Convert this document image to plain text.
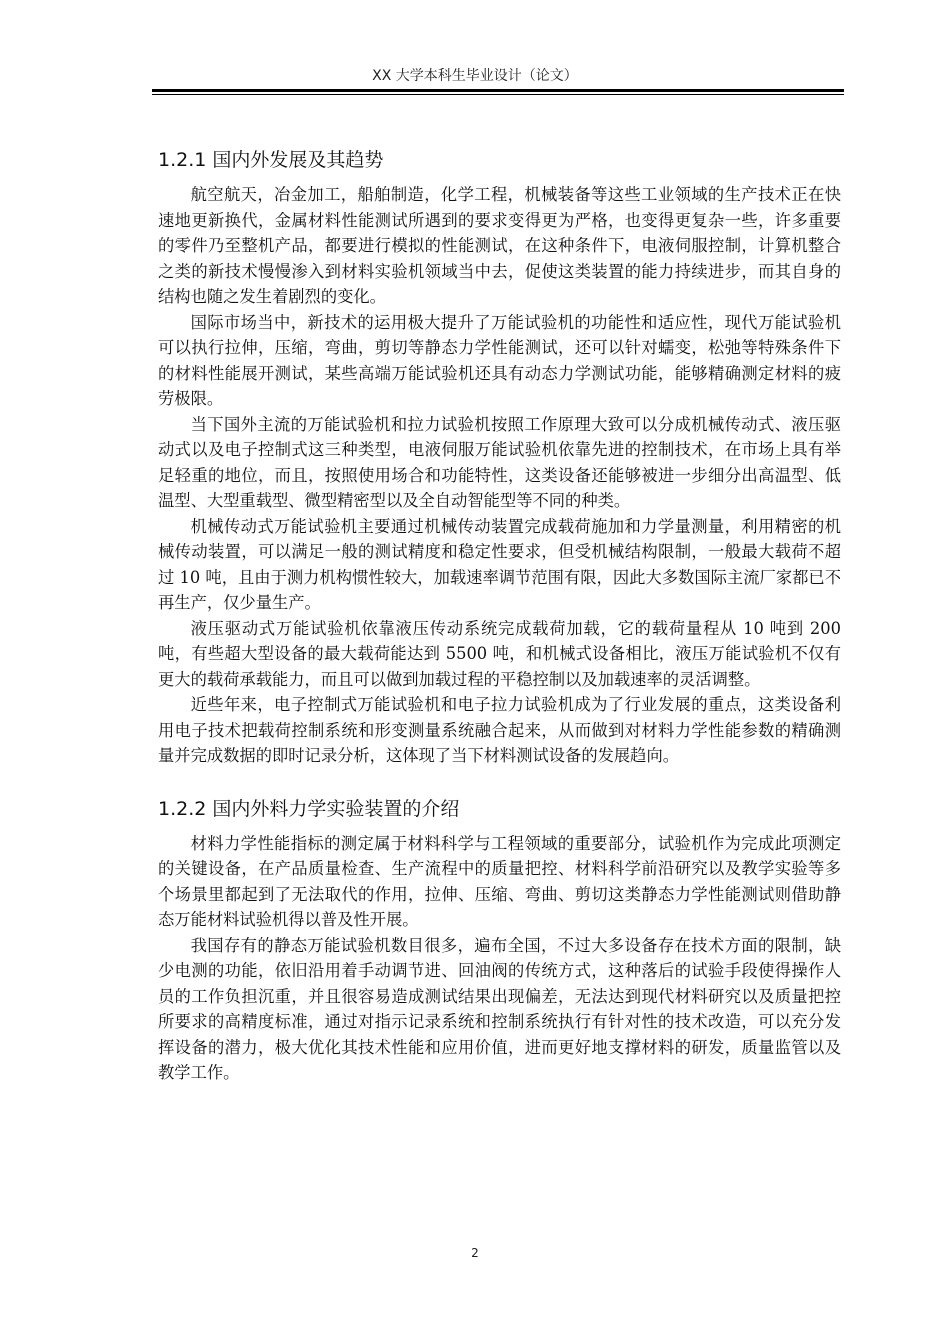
XX 大学本科生毕业设计（论文）
1.2.1 国内外发展及其趋势

航空航天，冶金加工，船舶制造，化学工程，机械装备等这些工业领域的生产技术正在快速地更新换代，金属材料性能测试所遇到的要求变得更为严格，也变得更复杂一些，许多重要的零件乃至整机产品，都要进行模拟的性能测试，在这种条件下，电液伺服控制，计算机整合之类的新技术慢慢渗入到材料实验机领域当中去，促使这类装置的能力持续进步，而其自身的结构也随之发生着剧烈的变化。

国际市场当中，新技术的运用极大提升了万能试验机的功能性和适应性，现代万能试验机可以执行拉伸，压缩，弯曲，剪切等静态力学性能测试，还可以针对蠕变，松弛等特殊条件下的材料性能展开测试，某些高端万能试验机还具有动态力学测试功能，能够精确测定材料的疲劳极限。

当下国外主流的万能试验机和拉力试验机按照工作原理大致可以分成机械传动式、液压驱动式以及电子控制式这三种类型，电液伺服万能试验机依靠先进的控制技术，在市场上具有举足轻重的地位，而且，按照使用场合和功能特性，这类设备还能够被进一步细分出高温型、低温型、大型重载型、微型精密型以及全自动智能型等不同的种类。

机械传动式万能试验机主要通过机械传动装置完成载荷施加和力学量测量，利用精密的机械传动装置，可以满足一般的测试精度和稳定性要求，但受机械结构限制，一般最大载荷不超过 10 吨，且由于测力机构惯性较大，加载速率调节范围有限，因此大多数国际主流厂家都已不再生产，仅少量生产。

液压驱动式万能试验机依靠液压传动系统完成载荷加载，它的载荷量程从 10 吨到 200 吨，有些超大型设备的最大载荷能达到 5500 吨，和机械式设备相比，液压万能试验机不仅有更大的载荷承载能力，而且可以做到加载过程的平稳控制以及加载速率的灵活调整。

近些年来，电子控制式万能试验机和电子拉力试验机成为了行业发展的重点，这类设备利用电子技术把载荷控制系统和形变测量系统融合起来，从而做到对材料力学性能参数的精确测量并完成数据的即时记录分析，这体现了当下材料测试设备的发展趋向。

1.2.2 国内外料力学实验装置的介绍

材料力学性能指标的测定属于材料科学与工程领域的重要部分，试验机作为完成此项测定的关键设备，在产品质量检查、生产流程中的质量把控、材料科学前沿研究以及教学实验等多个场景里都起到了无法取代的作用，拉伸、压缩、弯曲、剪切这类静态力学性能测试则借助静态万能材料试验机得以普及性开展。

我国存有的静态万能试验机数目很多，遍布全国，不过大多设备存在技术方面的限制，缺少电测的功能，依旧沿用着手动调节进、回油阀的传统方式，这种落后的试验手段使得操作人员的工作负担沉重，并且很容易造成测试结果出现偏差，无法达到现代材料研究以及质量把控所要求的高精度标准，通过对指示记录系统和控制系统执行有针对性的技术改造，可以充分发挥设备的潜力，极大优化其技术性能和应用价值，进而更好地支撑材料的研发，质量监管以及教学工作。

2
